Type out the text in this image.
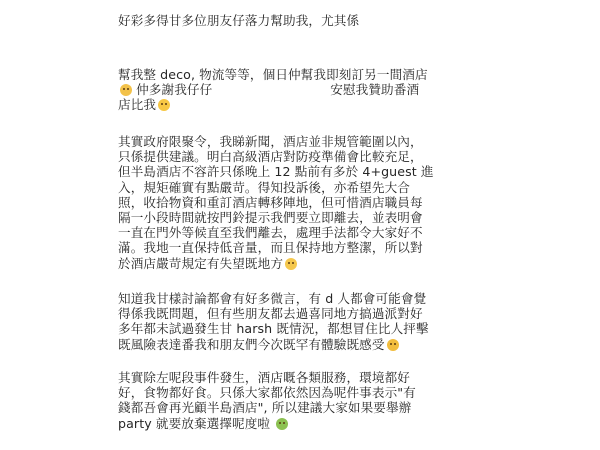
好彩多得甘多位朋友仔落力幫助我，尤其係
幫我整 deco, 物流等等，個日仲幫我即刻訂另一間酒店
仲多謝我仔仔	安慰我贊助番酒
店比我
其實政府限聚令，我睇新聞，酒店並非規管範圍以內，
只係提供建議。明白高級酒店對防疫準備會比較充足，
但半島酒店不容許只係晚上 12 點前有多於 4+guest 進
入，規矩確實有點嚴苛。得知投訴後，亦希望先大合
照，收拾物資和重訂酒店轉移陣地，但可惜酒店職員每
隔一小段時間就按門鈴提示我們要立即離去，並表明會
一直在門外等候直至我們離去，處理手法都令大家好不
滿。我地一直保持低音量，而且保持地方整潔，所以對
於酒店嚴苛規定有失望既地方
知道我甘樣討論都會有好多微言，有 d 人都會可能會覺
得係我既問題，但有些朋友都去過喜同地方搞過派對好
多年都未試過發生甘 harsh 既情況，都想冒住比人抨擊
既風險表達番我和朋友們今次既罕有體驗既感受
其實除左呢段事件發生，酒店嘅各類服務，環境都好
好，食物都好食。只係大家都依然因為呢件事表示"有
錢都吾會再光顧半島酒店", 所以建議大家如果要舉辦
party 就要放棄選擇呢度啦
